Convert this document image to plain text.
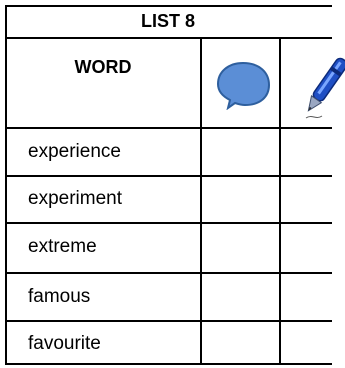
LIST 8
WORD
experience
experiment
extreme
famous
favourite
